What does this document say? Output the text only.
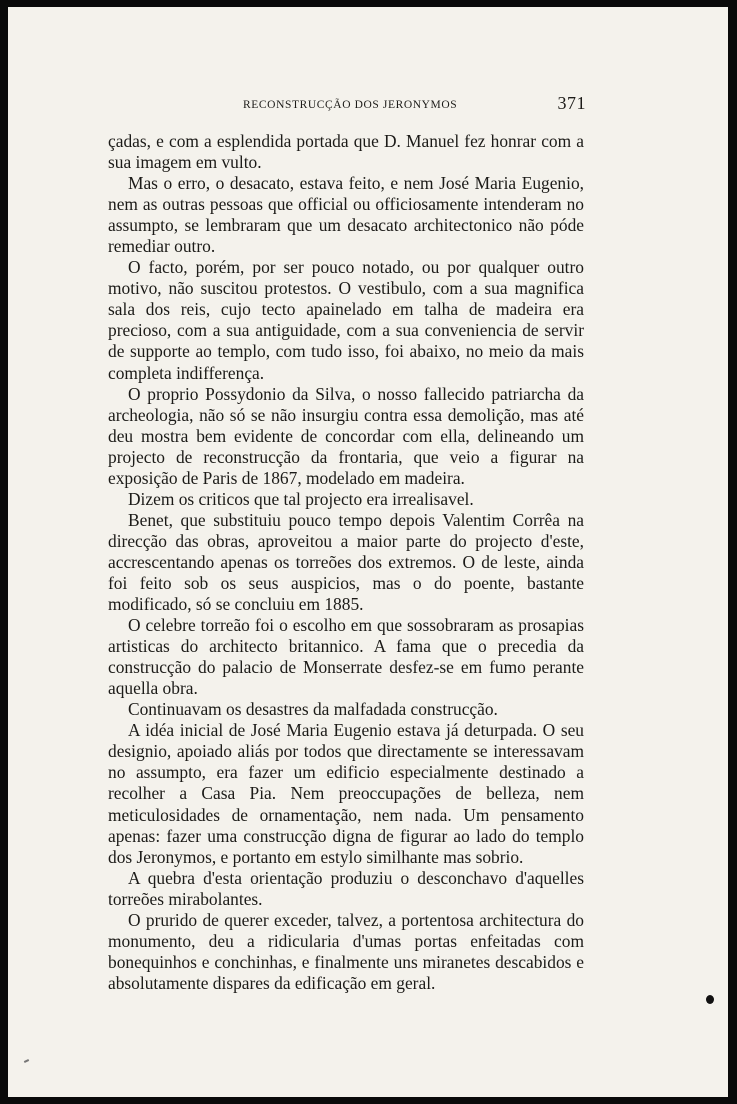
RECONSTRUCÇÃO DOS JERONYMOS	371

çadas, e com a esplendida portada que D. Manuel fez honrar com a sua imagem em vulto.

Mas o erro, o desacato, estava feito, e nem José Maria Eugenio, nem as outras pessoas que official ou officiosamente intenderam no assumpto, se lembraram que um desacato architectonico não póde remediar outro.

O facto, porém, por ser pouco notado, ou por qualquer outro motivo, não suscitou protestos. O vestibulo, com a sua magnifica sala dos reis, cujo tecto apainelado em talha de madeira era precioso, com a sua antiguidade, com a sua conveniencia de servir de supporte ao templo, com tudo isso, foi abaixo, no meio da mais completa indifferença.

O proprio Possydonio da Silva, o nosso fallecido patriarcha da archeologia, não só se não insurgiu contra essa demolição, mas até deu mostra bem evidente de concordar com ella, delineando um projecto de reconstrucção da frontaria, que veio a figurar na exposição de Paris de 1867, modelado em madeira.

Dizem os criticos que tal projecto era irrealisavel.

Benet, que substituiu pouco tempo depois Valentim Corrêa na direcção das obras, aproveitou a maior parte do projecto d'este, accrescentando apenas os torreões dos extremos. O de leste, ainda foi feito sob os seus auspicios, mas o do poente, bastante modificado, só se concluiu em 1885.

O celebre torreão foi o escolho em que sossobraram as prosapias artisticas do architecto britannico. A fama que o precedia da construcção do palacio de Monserrate desfez-se em fumo perante aquella obra.

Continuavam os desastres da malfadada construcção.

A idéa inicial de José Maria Eugenio estava já deturpada. O seu designio, apoiado aliás por todos que directamente se interessavam no assumpto, era fazer um edificio especialmente destinado a recolher a Casa Pia. Nem preoccupações de belleza, nem meticulosidades de ornamentação, nem nada. Um pensamento apenas: fazer uma construcção digna de figurar ao lado do templo dos Jeronymos, e portanto em estylo similhante mas sobrio.

A quebra d'esta orientação produziu o desconchavo d'aquelles torreões mirabolantes.

O prurido de querer exceder, talvez, a portentosa architectura do monumento, deu a ridicularia d'umas portas enfeitadas com bonequinhos e conchinhas, e finalmente uns miranetes descabidos e absolutamente dispares da edificação em geral.
